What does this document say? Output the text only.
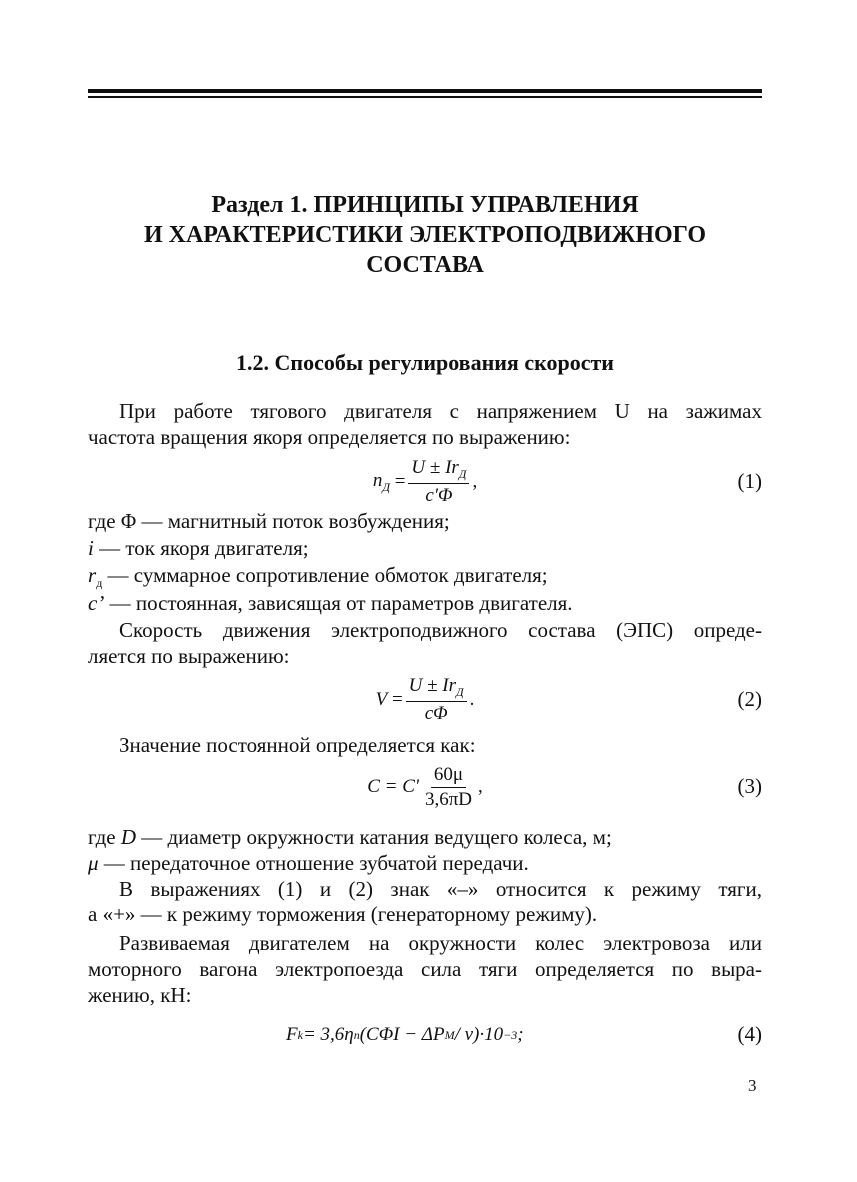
Раздел 1. ПРИНЦИПЫ УПРАВЛЕНИЯ
И ХАРАКТЕРИСТИКИ ЭЛЕКТРОПОДВИЖНОГО
СОСТАВА
1.2. Способы регулирования скорости
При работе тягового двигателя с напряжением U на зажимах
частота вращения якоря определяется по выражению:
$n_Д = \frac{U \pm Ir_Д}{c'\Phi}$ ,	(1)
где Φ — магнитный поток возбуждения;
i — ток якоря двигателя;
$r_д$ — суммарное сопротивление обмоток двигателя;
c’ — постоянная, зависящая от параметров двигателя.
Скорость движения электроподвижного состава (ЭПС) опреде-
ляется по выражению:
$V = \frac{U \pm Ir_Д}{c\Phi}$ .	(2)
Значение постоянной определяется как:
$C = C' \frac{60\mu}{3,6\pi D}$ ,	(3)
где D — диаметр окружности катания ведущего колеса, м;
μ — передаточное отношение зубчатой передачи.
В выражениях (1) и (2) знак «–» относится к режиму тяги,
а «+» — к режиму торможения (генераторному режиму).
Развиваемая двигателем на окружности колес электровоза или
моторного вагона электропоезда сила тяги определяется по выра-
жению, кН:
F k = 3,6η n (CΦI − ΔP M / v)·10 −3 ;	(4)
3
